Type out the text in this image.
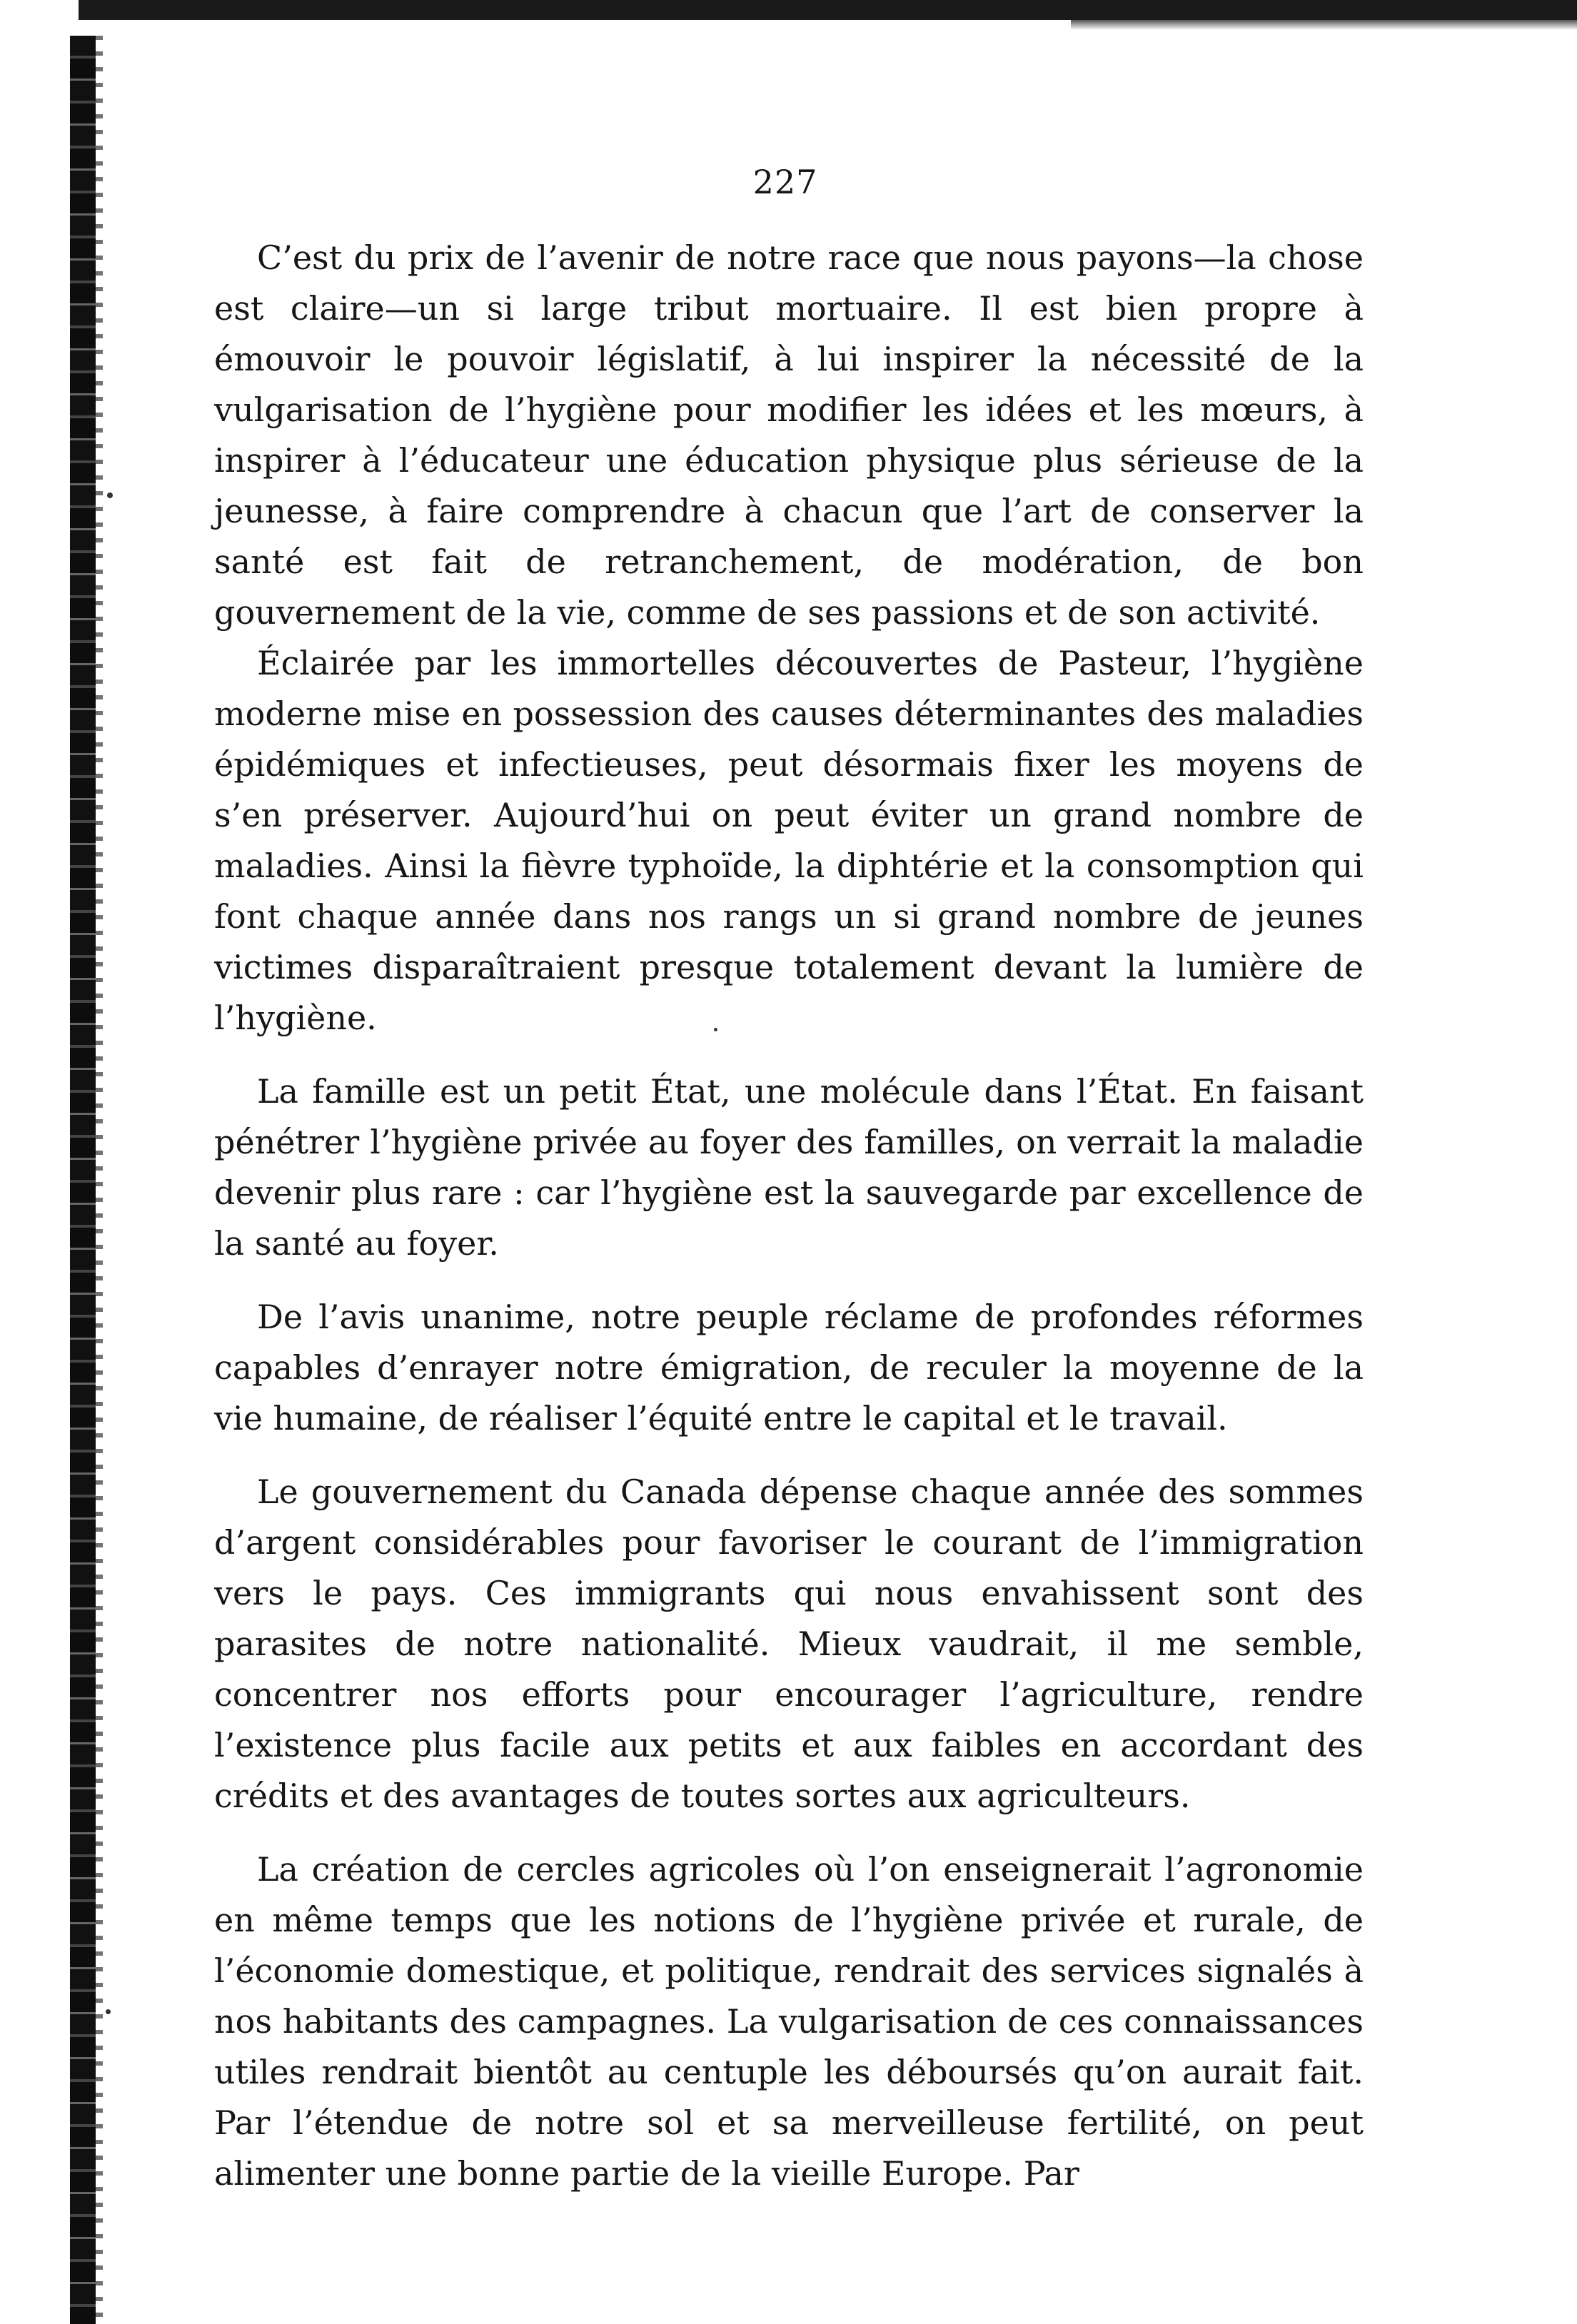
227

C’est du prix de l’avenir de notre race que nous payons—la chose est claire—un si large tribut mortuaire. Il est bien propre à émouvoir le pouvoir législatif, à lui inspirer la nécessité de la vulgarisation de l’hygiène pour modifier les idées et les mœurs, à inspirer à l’éducateur une éducation physique plus sérieuse de la jeunesse, à faire comprendre à chacun que l’art de conserver la santé est fait de retranchement, de modération, de bon gouvernement de la vie, comme de ses passions et de son activité.

Éclairée par les immortelles découvertes de Pasteur, l’hygiène moderne mise en possession des causes déterminantes des maladies épidémiques et infectieuses, peut désormais fixer les moyens de s’en préserver. Aujourd’hui on peut éviter un grand nombre de maladies. Ainsi la fièvre typhoïde, la diphtérie et la consomption qui font chaque année dans nos rangs un si grand nombre de jeunes victimes disparaîtraient presque totalement devant la lumière de l’hygiène.

La famille est un petit État, une molécule dans l’État. En faisant pénétrer l’hygiène privée au foyer des familles, on verrait la maladie devenir plus rare : car l’hygiène est la sauvegarde par excellence de la santé au foyer.

De l’avis unanime, notre peuple réclame de profondes réformes capables d’enrayer notre émigration, de reculer la moyenne de la vie humaine, de réaliser l’équité entre le capital et le travail.

Le gouvernement du Canada dépense chaque année des sommes d’argent considérables pour favoriser le courant de l’immigration vers le pays. Ces immigrants qui nous envahissent sont des parasites de notre nationalité. Mieux vaudrait, il me semble, concentrer nos efforts pour encourager l’agriculture, rendre l’existence plus facile aux petits et aux faibles en accordant des crédits et des avantages de toutes sortes aux agriculteurs.

La création de cercles agricoles où l’on enseignerait l’agronomie en même temps que les notions de l’hygiène privée et rurale, de l’économie domestique, et politique, rendrait des services signalés à nos habitants des campagnes. La vulgarisation de ces connaissances utiles rendrait bientôt au centuple les déboursés qu’on aurait fait. Par l’étendue de notre sol et sa merveilleuse fertilité, on peut alimenter une bonne partie de la vieille Europe. Par
